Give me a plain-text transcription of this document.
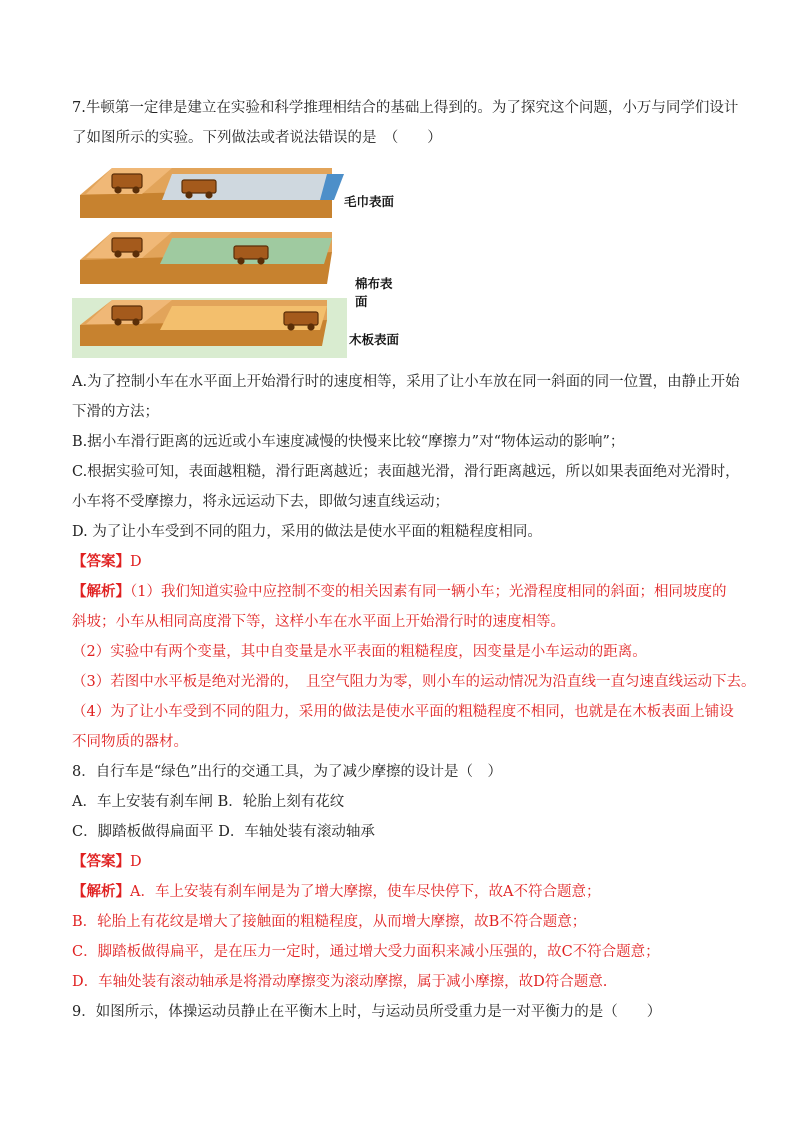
7.牛顿第一定律是建立在实验和科学推理相结合的基础上得到的。为了探究这个问题，小万与同学们设计
了如图所示的实验。下列做法或者说法错误的是　（　　）
毛巾表面
棉布表面
木板表面
A.为了控制小车在水平面上开始滑行时的速度相等，采用了让小车放在同一斜面的同一位置，由静止开始
下滑的方法；
B.据小车滑行距离的远近或小车速度减慢的快慢来比较“摩擦力”对“物体运动的影响”；
C.根据实验可知，表面越粗糙，滑行距离越近；表面越光滑，滑行距离越远，所以如果表面绝对光滑时，
小车将不受摩擦力，将永远运动下去，即做匀速直线运动；
D. 为了让小车受到不同的阻力，采用的做法是使水平面的粗糙程度相同。
【答案】D
【解析】（1）我们知道实验中应控制不变的相关因素有同一辆小车；光滑程度相同的斜面；相同坡度的
斜坡；小车从相同高度滑下等，这样小车在水平面上开始滑行时的速度相等。
（2）实验中有两个变量，其中自变量是水平表面的粗糙程度，因变量是小车运动的距离。
（3）若图中水平板是绝对光滑的，　且空气阻力为零，则小车的运动情况为沿直线一直匀速直线运动下去。
（4）为了让小车受到不同的阻力，采用的做法是使水平面的粗糙程度不相同，也就是在木板表面上铺设
不同物质的器材。
8．自行车是“绿色”出行的交通工具，为了减少摩擦的设计是（　）
A．车上安装有刹车闸 B．轮胎上刻有花纹
C．脚踏板做得扁面平 D．车轴处装有滚动轴承
【答案】D
【解析】A．车上安装有刹车闸是为了增大摩擦，使车尽快停下，故A不符合题意；
B．轮胎上有花纹是增大了接触面的粗糙程度，从而增大摩擦，故B不符合题意；
C．脚踏板做得扁平，是在压力一定时，通过增大受力面积来减小压强的，故C不符合题意；
D．车轴处装有滚动轴承是将滑动摩擦变为滚动摩擦，属于减小摩擦，故D符合题意.
9．如图所示，体操运动员静止在平衡木上时，与运动员所受重力是一对平衡力的是（　　）
